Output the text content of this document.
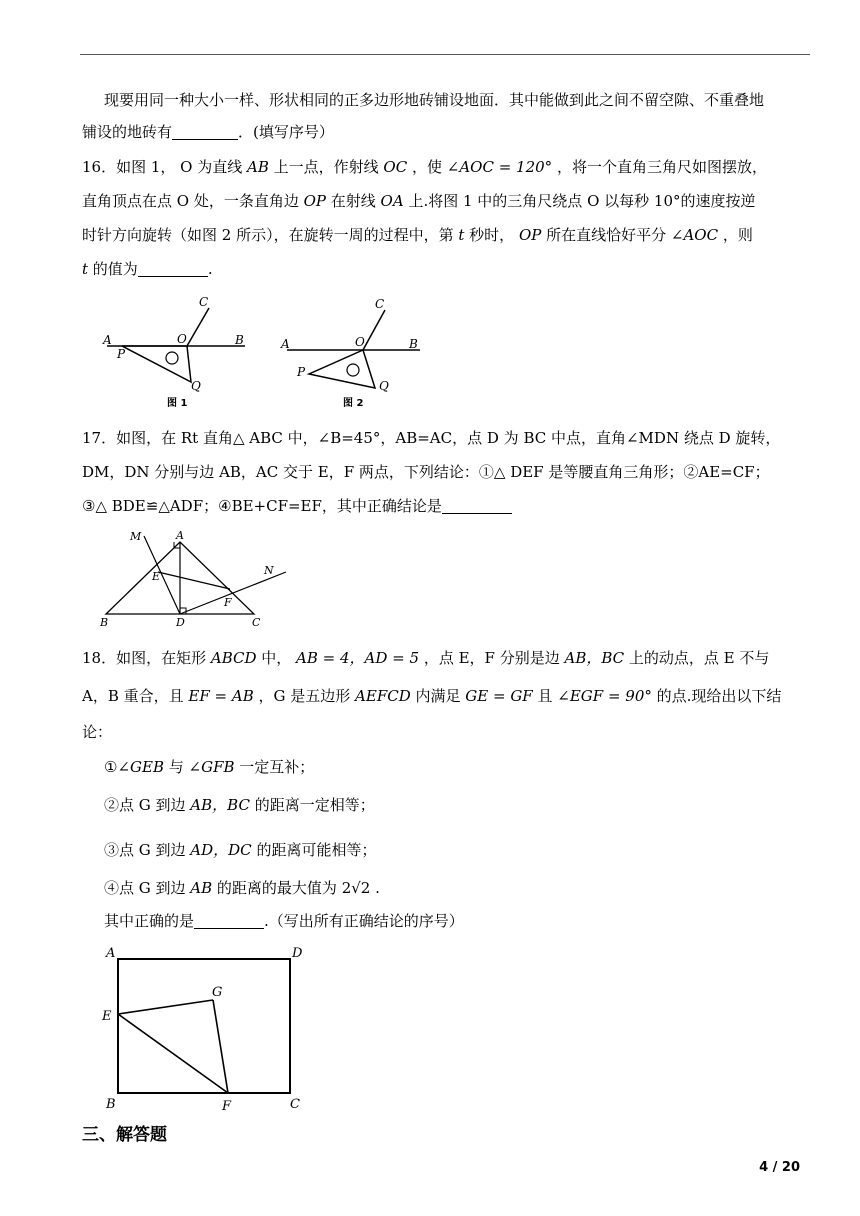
现要用同一种大小一样、形状相同的正多边形地砖铺设地面．其中能做到此之间不留空隙、不重叠地
铺设的地砖有	．(填写序号）
16．如图 1， O 为直线 AB 上一点，作射线 OC ，使 ∠AOC = 120° ，将一个直角三角尺如图摆放，
直角顶点在点 O 处，一条直角边 OP 在射线 OA 上.将图 1 中的三角尺绕点 O 以每秒 10°的速度按逆
时针方向旋转（如图 2 所示），在旋转一周的过程中，第 t 秒时， OP 所在直线恰好平分 ∠AOC ，则
t 的值为	.
A	B
C
O
P
Q
图 1
A	B
C
O
P
Q
图 2
17．如图，在 Rt 直角△ ABC 中，∠B=45°，AB=AC，点 D 为 BC 中点，直角∠MDN 绕点 D 旋转，
DM，DN 分别与边 AB，AC 交于 E，F 两点，下列结论：①△ DEF 是等腰直角三角形；②AE=CF；
③△ BDE≌△ADF；④BE+CF=EF，其中正确结论是
M	A
N
E
F
B	D	C
18．如图，在矩形 ABCD 中， AB = 4，AD = 5 ，点 E，F 分别是边 AB，BC 上的动点，点 E 不与
A，B 重合，且 EF = AB ，G 是五边形 AEFCD 内满足 GE = GF 且 ∠EGF = 90° 的点.现给出以下结
论：
①∠GEB 与 ∠GFB 一定互补；
②点 G 到边 AB，BC 的距离一定相等；
③点 G 到边 AD，DC 的距离可能相等；
④点 G 到边 AB 的距离的最大值为 2√2 .
其中正确的是	.（写出所有正确结论的序号）
A	D
G
E
B	F	C
三、解答题
4 / 20
